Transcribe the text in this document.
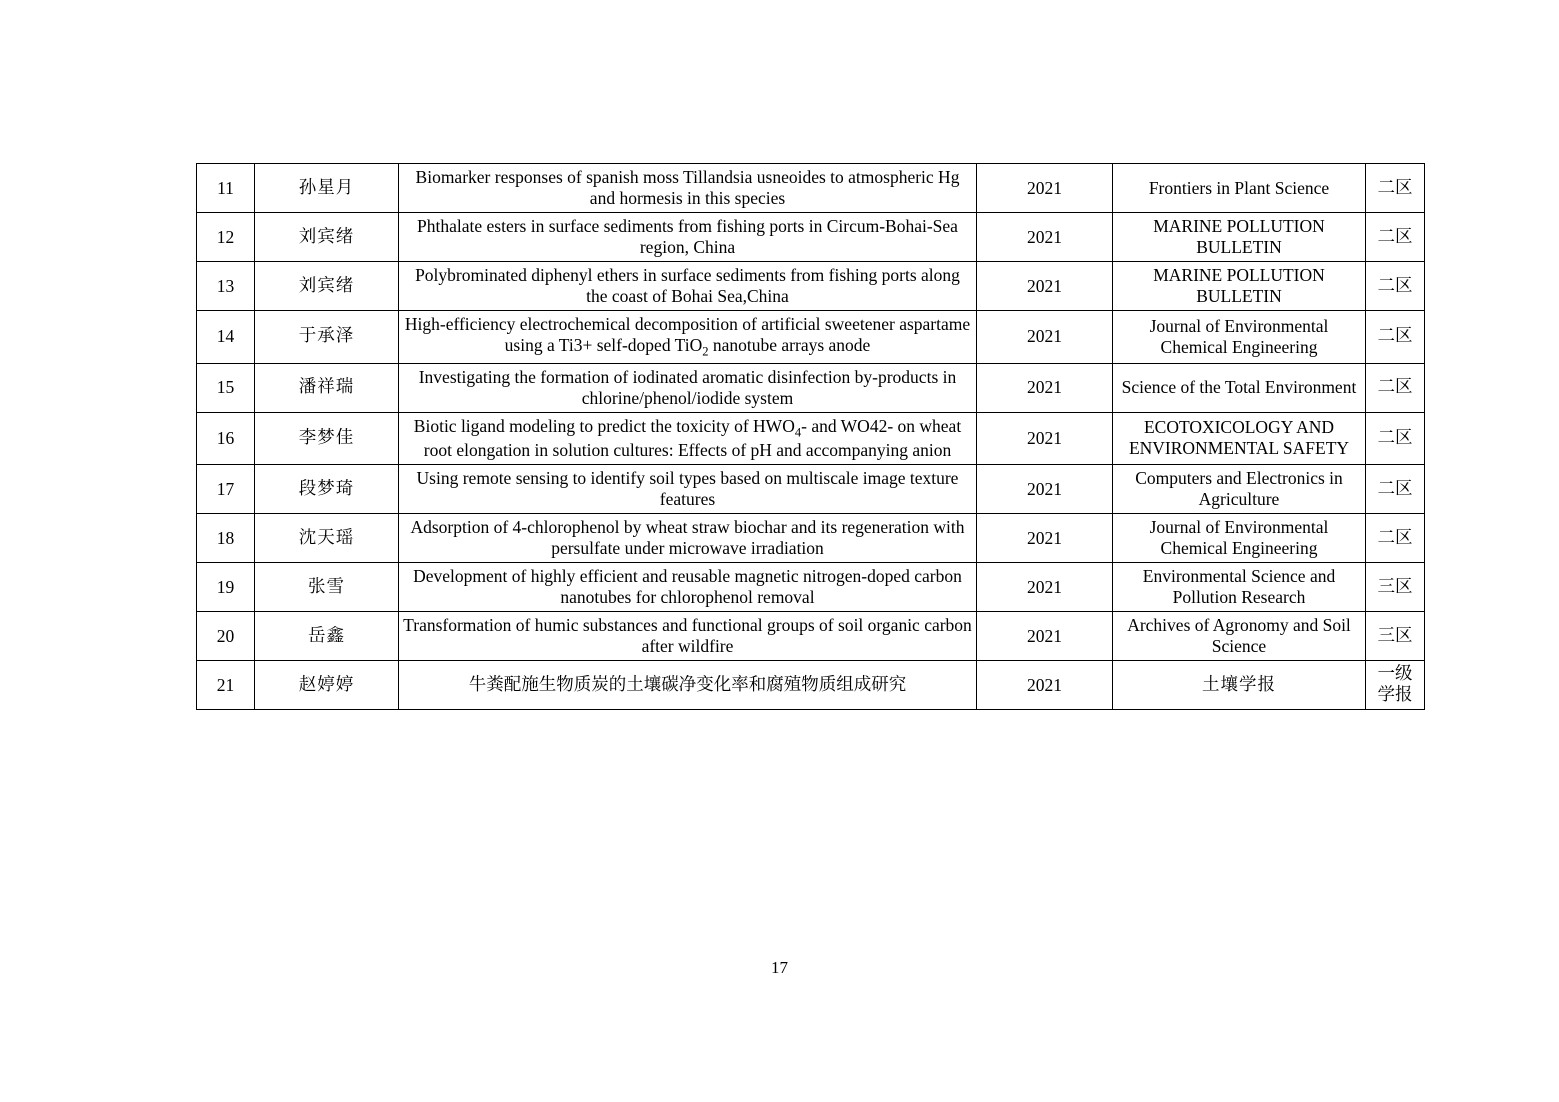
11	孙星月	Biomarker responses of spanish moss Tillandsia usneoides to atmospheric Hg and hormesis in this species	2021	Frontiers in Plant Science	二区
12	刘宾绪	Phthalate esters in surface sediments from fishing ports in Circum-Bohai-Sea region, China	2021	MARINE POLLUTION BULLETIN	二区
13	刘宾绪	Polybrominated diphenyl ethers in surface sediments from fishing ports along the coast of Bohai Sea,China	2021	MARINE POLLUTION BULLETIN	二区
14	于承泽	High-efficiency electrochemical decomposition of artificial sweetener aspartame using a Ti3+ self-doped TiO$_2$ nanotube arrays anode	2021	Journal of Environmental Chemical Engineering	二区
15	潘祥瑞	Investigating the formation of iodinated aromatic disinfection by-products in chlorine/phenol/iodide system	2021	Science of the Total Environment	二区
16	李梦佳	Biotic ligand modeling to predict the toxicity of $HWO_4-$ and WO42- on wheat root elongation in solution cultures: Effects of pH and accompanying anion	2021	ECOTOXICOLOGY AND ENVIRONMENTAL SAFETY	二区
17	段梦琦	Using remote sensing to identify soil types based on multiscale image texture features	2021	Computers and Electronics in Agriculture	二区
18	沈天瑶	Adsorption of 4-chlorophenol by wheat straw biochar and its regeneration with persulfate under microwave irradiation	2021	Journal of Environmental Chemical Engineering	二区
19	张雪	Development of highly efficient and reusable magnetic nitrogen-doped carbon nanotubes for chlorophenol removal	2021	Environmental Science and Pollution Research	三区
20	岳鑫	Transformation of humic substances and functional groups of soil organic carbon after wildfire	2021	Archives of Agronomy and Soil Science	三区
21	赵婷婷	牛粪配施生物质炭的土壤碳净变化率和腐殖物质组成研究	2021	土壤学报	一级学报
17
